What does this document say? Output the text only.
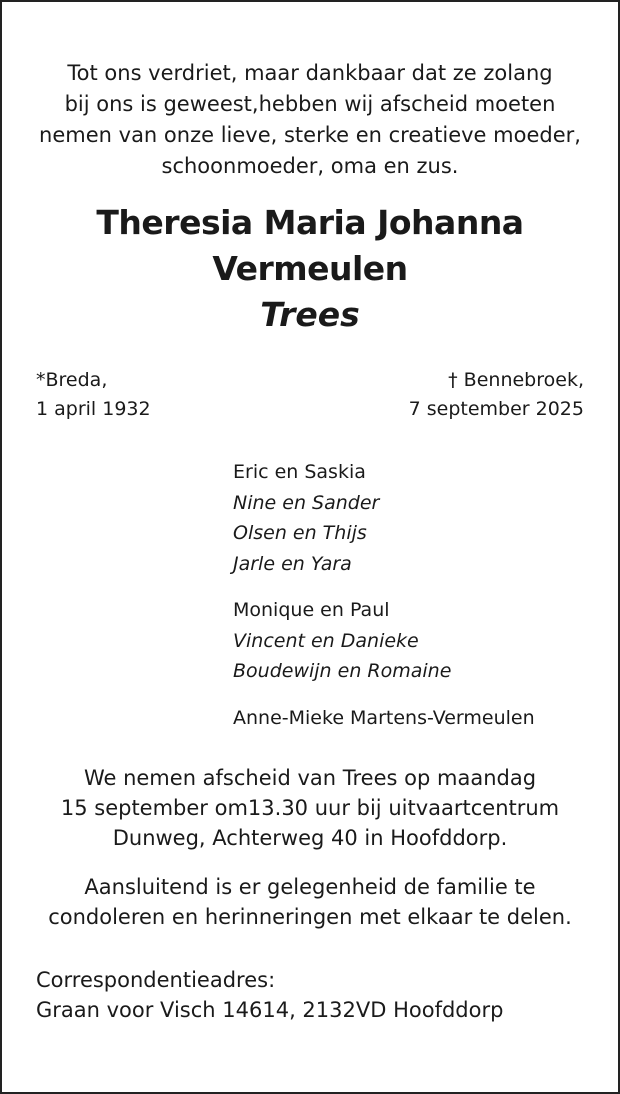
Tot ons verdriet, maar dankbaar dat ze zolang
bij ons is geweest,hebben wij afscheid moeten
nemen van onze lieve, sterke en creatieve moeder,
schoonmoeder, oma en zus.
Theresia Maria Johanna
Vermeulen
Trees
*Breda,
1 april 1932
† Bennebroek,
7 september 2025
Eric en Saskia
Nine en Sander
Olsen en Thijs
Jarle en Yara
Monique en Paul
Vincent en Danieke
Boudewijn en Romaine
Anne-Mieke Martens-Vermeulen
We nemen afscheid van Trees op maandag
15 september om13.30 uur bij uitvaartcentrum
Dunweg, Achterweg 40 in Hoofddorp.
Aansluitend is er gelegenheid de familie te
condoleren en herinneringen met elkaar te delen.
Correspondentieadres:
Graan voor Visch 14614, 2132VD Hoofddorp
